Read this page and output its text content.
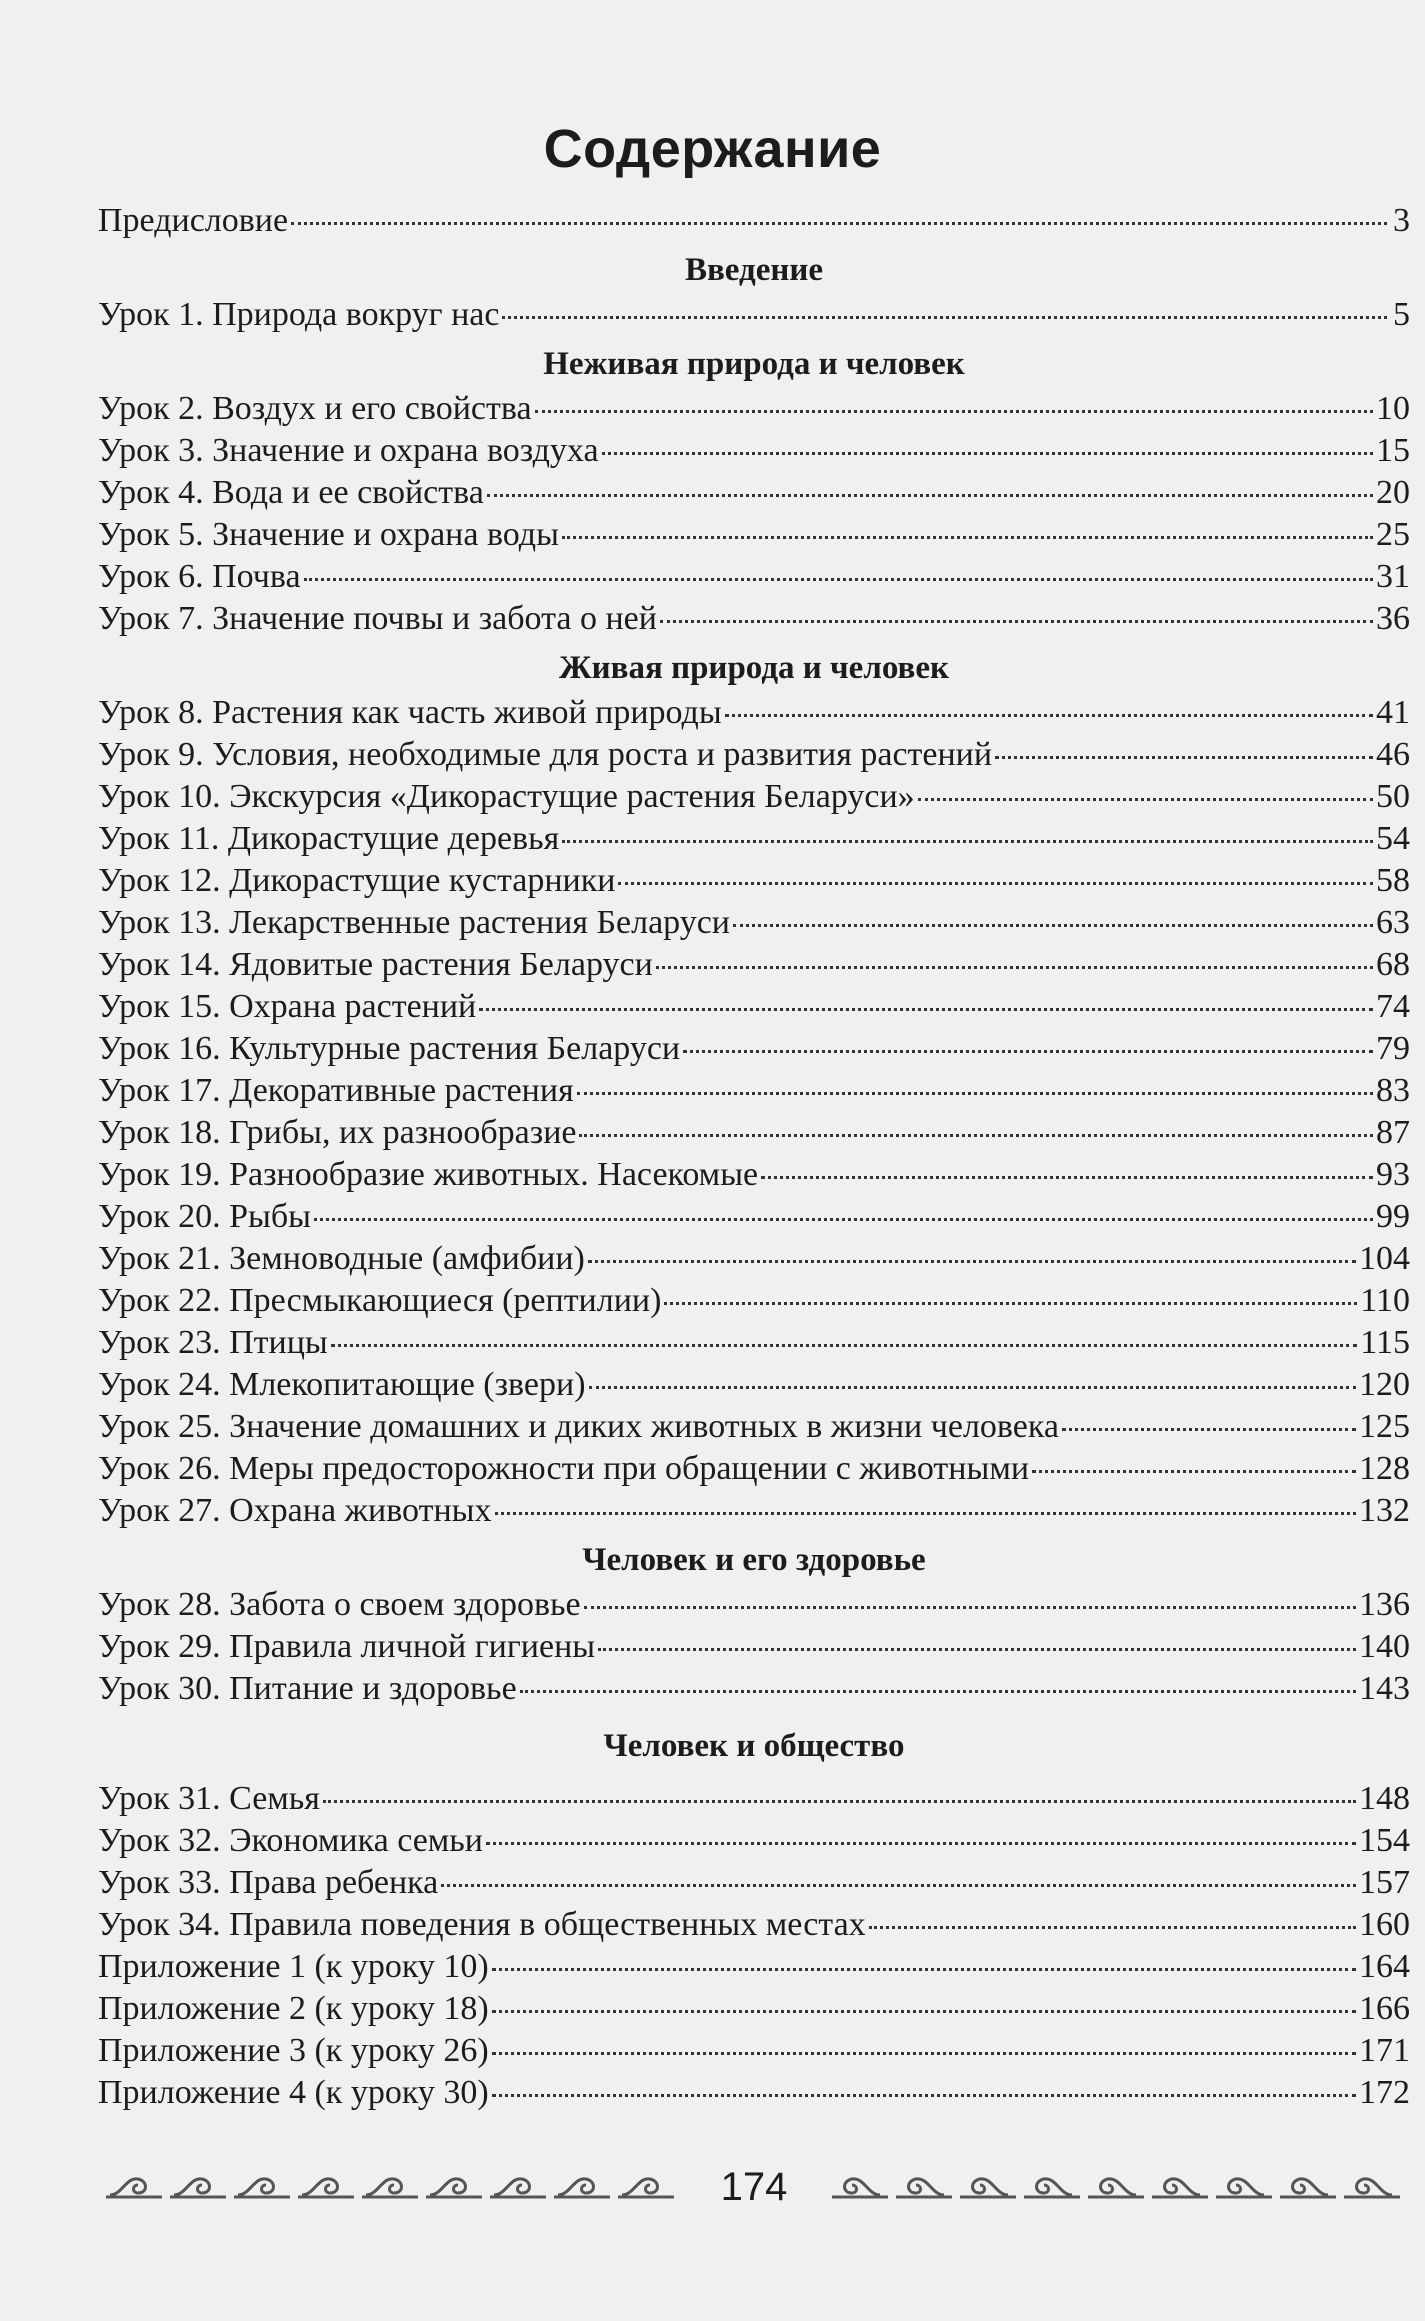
Содержание
Предисловие	3
Введение
Урок 1. Природа вокруг нас	5
Неживая природа и человек
Урок 2. Воздух и его свойства	10
Урок 3. Значение и охрана воздуха	15
Урок 4. Вода и ее свойства	20
Урок 5. Значение и охрана воды	25
Урок 6. Почва	31
Урок 7. Значение почвы и забота о ней	36
Живая природа и человек
Урок 8. Растения как часть живой природы	41
Урок 9. Условия, необходимые для роста и развития растений	46
Урок 10. Экскурсия «Дикорастущие растения Беларуси»	50
Урок 11. Дикорастущие деревья	54
Урок 12. Дикорастущие кустарники	58
Урок 13. Лекарственные растения Беларуси	63
Урок 14. Ядовитые растения Беларуси	68
Урок 15. Охрана растений	74
Урок 16. Культурные растения Беларуси	79
Урок 17. Декоративные растения	83
Урок 18. Грибы, их разнообразие	87
Урок 19. Разнообразие животных. Насекомые	93
Урок 20. Рыбы	99
Урок 21. Земноводные (амфибии)	104
Урок 22. Пресмыкающиеся (рептилии)	110
Урок 23. Птицы	115
Урок 24. Млекопитающие (звери)	120
Урок 25. Значение домашних и диких животных в жизни человека	125
Урок 26. Меры предосторожности при обращении с животными	128
Урок 27. Охрана животных	132
Человек и его здоровье
Урок 28. Забота о своем здоровье	136
Урок 29. Правила личной гигиены	140
Урок 30. Питание и здоровье	143
Человек и общество
Урок 31. Семья	148
Урок 32. Экономика семьи	154
Урок 33. Права ребенка	157
Урок 34. Правила поведения в общественных местах	160
Приложение 1 (к уроку 10)	164
Приложение 2 (к уроку 18)	166
Приложение 3 (к уроку 26)	171
Приложение 4 (к уроку 30)	172
174
